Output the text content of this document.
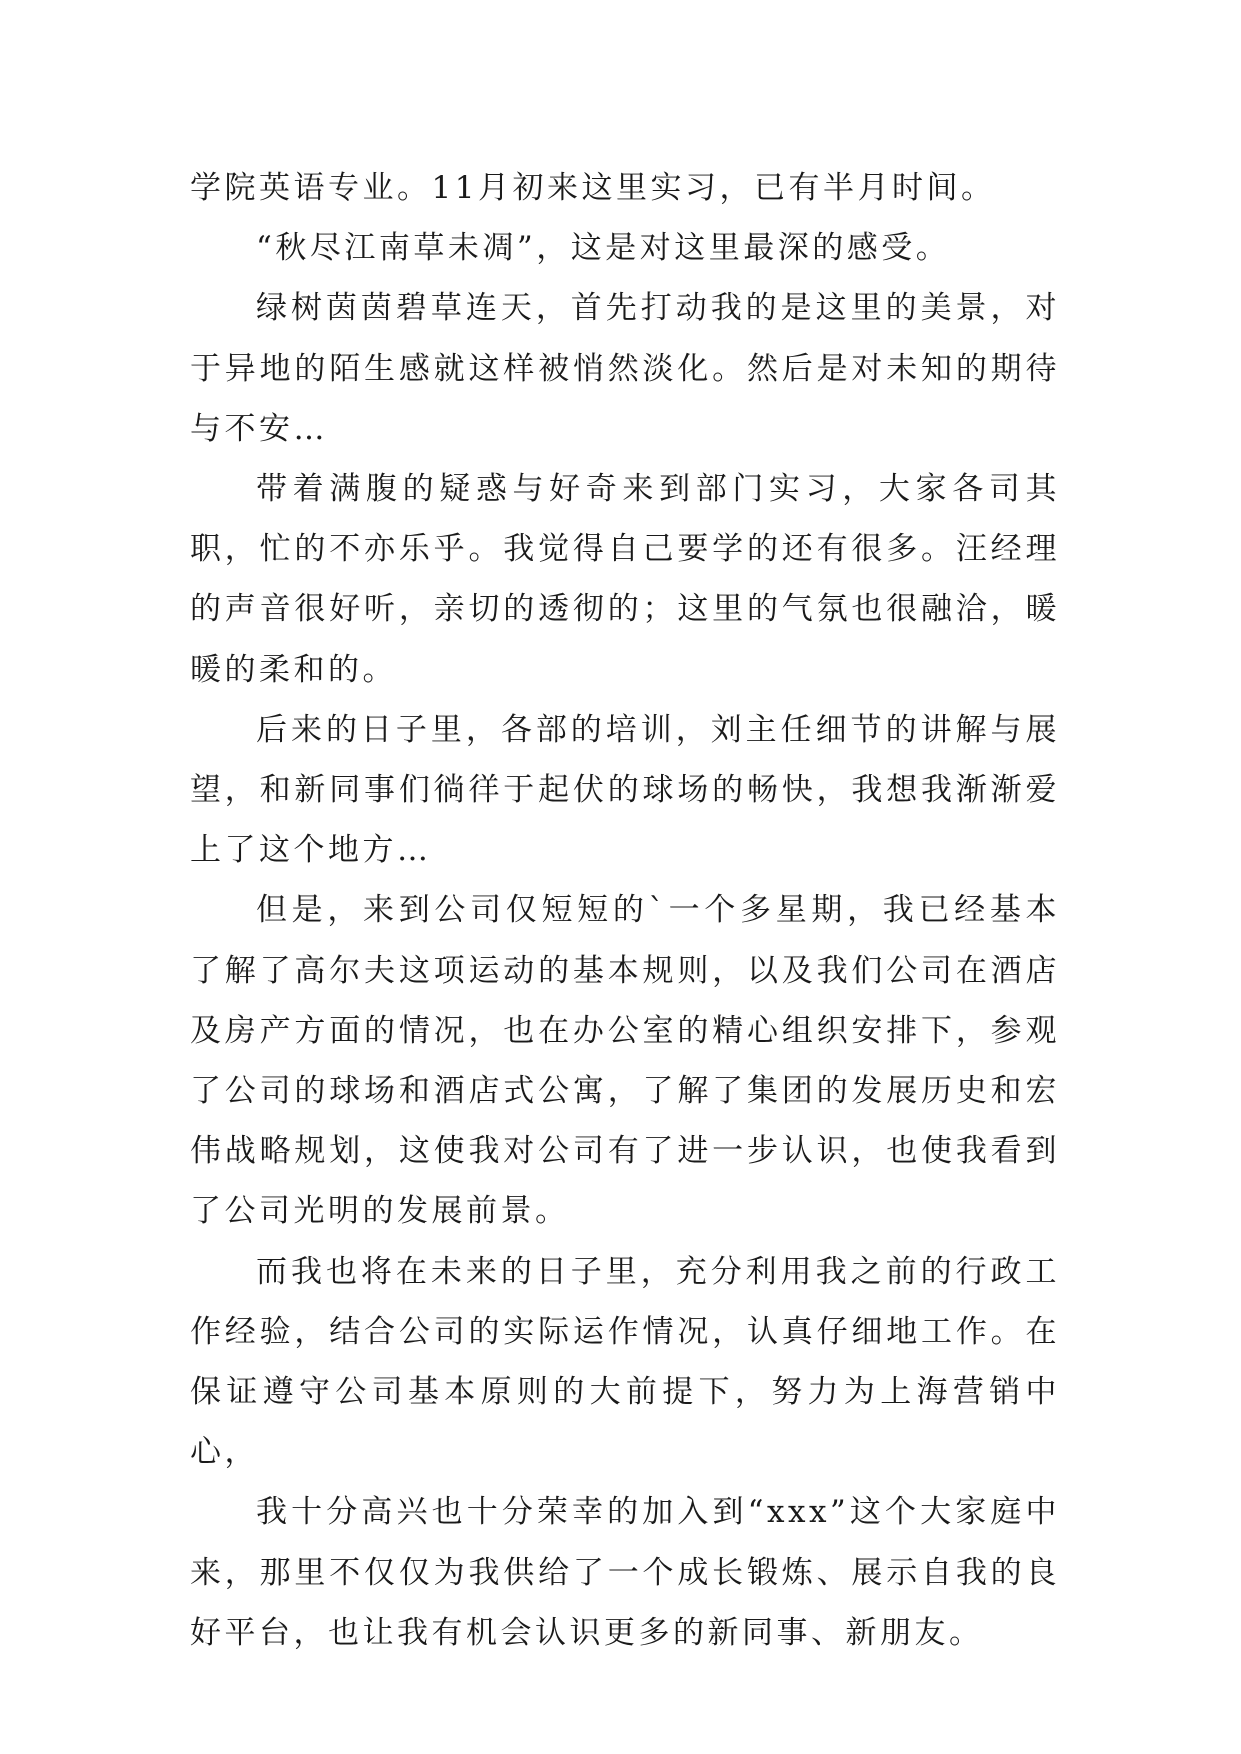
学院英语专业。11月初来这里实习，已有半月时间。

“秋尽江南草未凋”，这是对这里最深的感受。

绿树茵茵碧草连天，首先打动我的是这里的美景，对于异地的陌生感就这样被悄然淡化。然后是对未知的期待与不安…

带着满腹的疑惑与好奇来到部门实习，大家各司其职，忙的不亦乐乎。我觉得自己要学的还有很多。汪经理的声音很好听，亲切的透彻的；这里的气氛也很融洽，暖暖的柔和的。

后来的日子里，各部的培训，刘主任细节的讲解与展望，和新同事们徜徉于起伏的球场的畅快，我想我渐渐爱上了这个地方…

但是，来到公司仅短短的`一个多星期，我已经基本了解了高尔夫这项运动的基本规则，以及我们公司在酒店及房产方面的情况，也在办公室的精心组织安排下，参观了公司的球场和酒店式公寓，了解了集团的发展历史和宏伟战略规划，这使我对公司有了进一步认识，也使我看到了公司光明的发展前景。

而我也将在未来的日子里，充分利用我之前的行政工作经验，结合公司的实际运作情况，认真仔细地工作。在保证遵守公司基本原则的大前提下，努力为上海营销中心，

我十分高兴也十分荣幸的加入到“xxx”这个大家庭中来，那里不仅仅为我供给了一个成长锻炼、展示自我的良好平台，也让我有机会认识更多的新同事、新朋友。
